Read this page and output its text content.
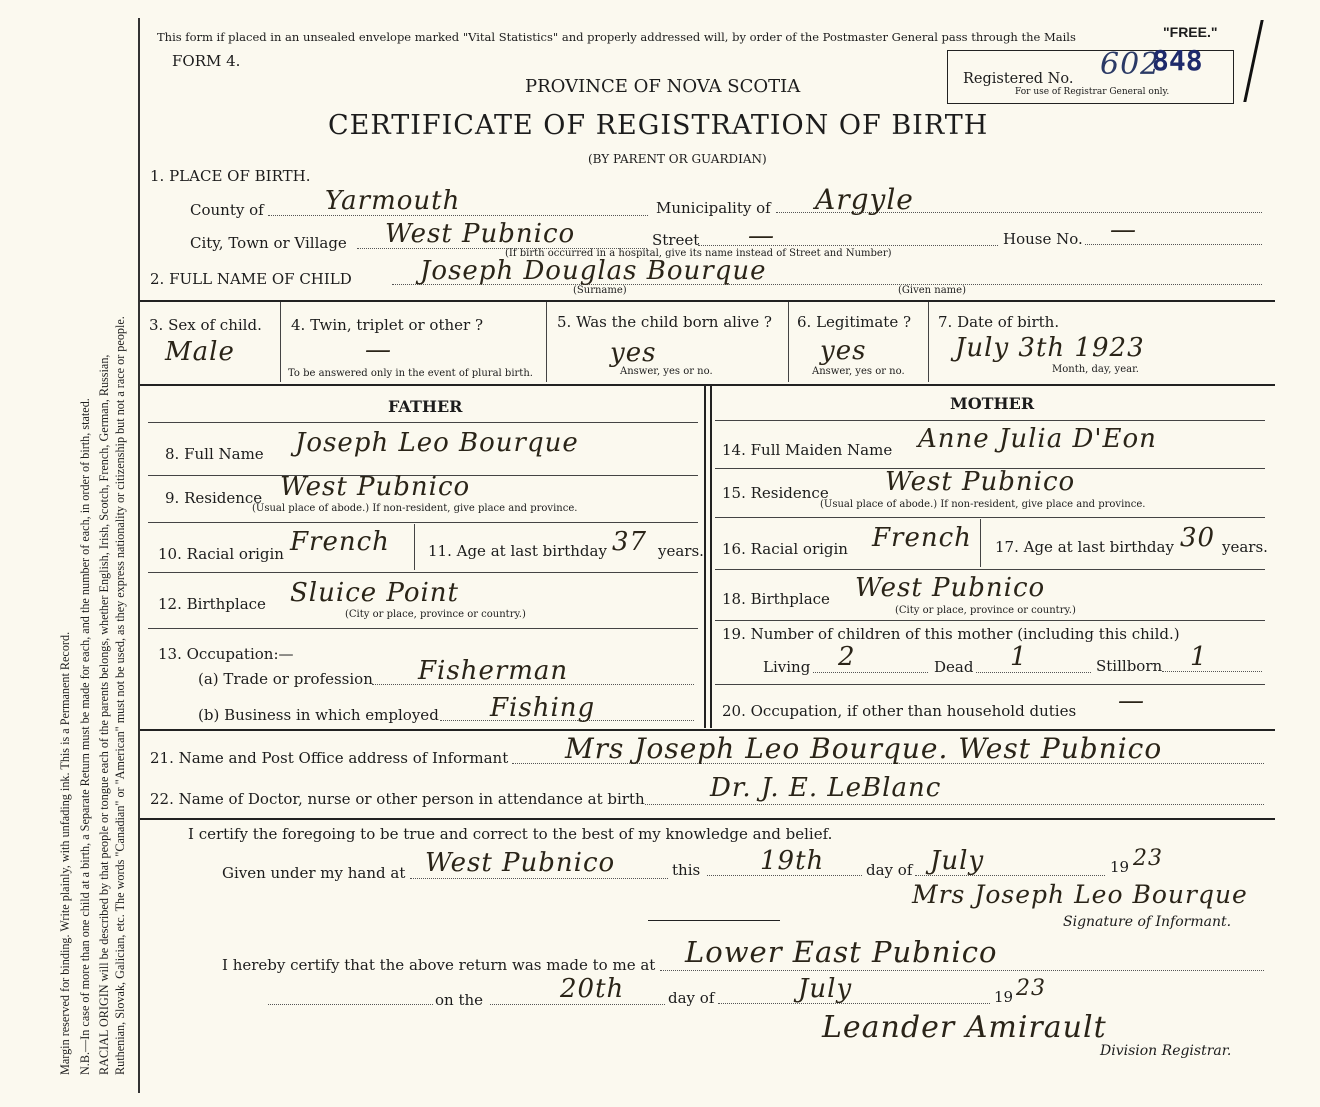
Margin reserved for binding. Write plainly, with unfading ink. This is a Permanent Record. N.B.—In case of more than one child at a birth, a Separate Return must be made for each, and the number of each, in order of birth, stated. RACIAL ORIGIN will be described by that people or tongue each of the parents belongs, whether English, Irish, Scotch, French, German, Russian, Ruthenian, Slovak, Galician, etc. The words "Canadian" or "American" must not be used, as they express nationality or citizenship but not a race or people.
This form if placed in an unsealed envelope marked "Vital Statistics" and properly addressed will, by order of the Postmaster General pass through the Mails	"FREE."
FORM 4.
PROVINCE OF NOVA SCOTIA
CERTIFICATE OF REGISTRATION OF BIRTH
(BY PARENT OR GUARDIAN)
Registered No. 602
848
For use of Registrar General only.
1. PLACE OF BIRTH.
County of Yarmouth	Municipality of Argyle
City, Town or Village West Pubnico	Street —	House No. —
(If birth occurred in a hospital, give its name instead of Street and Number)
2. FULL NAME OF CHILD	Joseph Douglas Bourque
(Surname)	(Given name)
3. Sex of child.
Male
4. Twin, triplet or other ?
—
To be answered only in the event of plural birth.
5. Was the child born alive ?
yes
Answer, yes or no.
6. Legitimate ?
yes
Answer, yes or no.
7. Date of birth.
July 3th 1923
Month, day, year.
FATHER	MOTHER
8. Full Name Joseph Leo Bourque
9. Residence West Pubnico
(Usual place of abode.) If non-resident, give place and province.
10. Racial origin French	11. Age at last birthday 37 years.
12. Birthplace Sluice Point
(City or place, province or country.)
13. Occupation:—
(a) Trade or profession Fisherman
(b) Business in which employed Fishing
14. Full Maiden Name Anne Julia D'Eon
15. Residence West Pubnico
(Usual place of abode.) If non-resident, give place and province.
16. Racial origin French 17. Age at last birthday 30 years.
18. Birthplace West Pubnico
(City or place, province or country.)
19. Number of children of this mother (including this child.)
Living 2	Dead 1	Stillborn 1
20. Occupation, if other than household duties —
21. Name and Post Office address of Informant Mrs Joseph Leo Bourque. West Pubnico
22. Name of Doctor, nurse or other person in attendance at birth	Dr. J. E. LeBlanc
I certify the foregoing to be true and correct to the best of my knowledge and belief.
Given under my hand at West Pubnico	this 19th	day of July	19 23
Mrs Joseph Leo Bourque
Signature of Informant.
I hereby certify that the above return was made to me at Lower East Pubnico
on the	20th	day of	July	19 23
Leander Amirault
Division Registrar.
